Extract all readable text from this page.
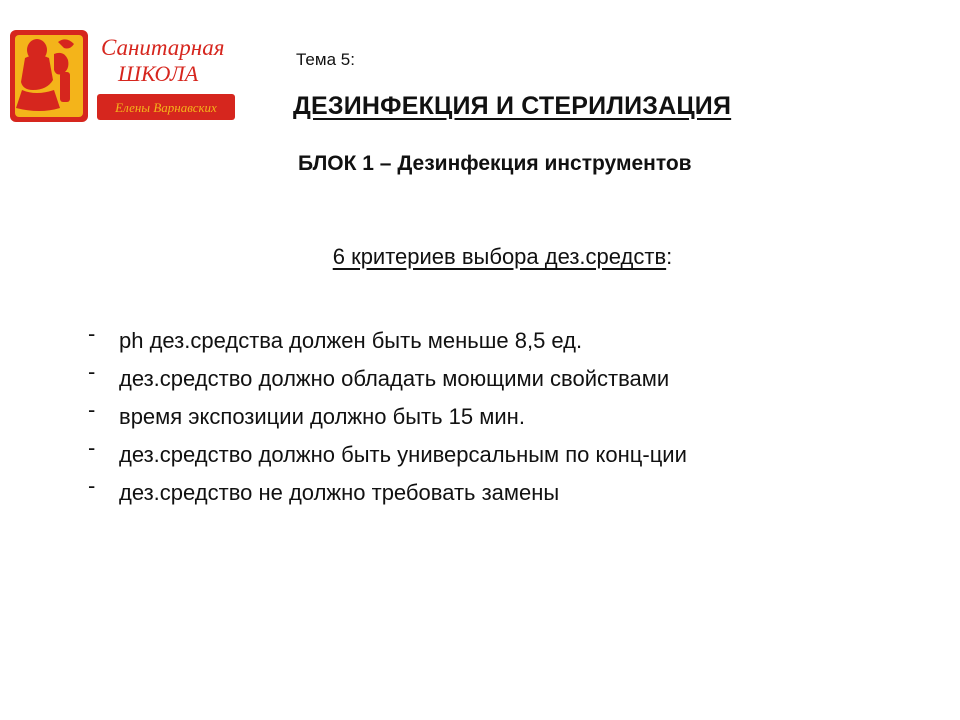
Санитарная
ШКОЛА
Елены Варнавских
Тема 5:
ДЕЗИНФЕКЦИЯ И СТЕРИЛИЗАЦИЯ
БЛОК 1 – Дезинфекция инструментов
6 критериев выбора дез.средств:
- ph дез.средства должен быть меньше 8,5 ед.
- дез.средство должно обладать моющими свойствами
- время экспозиции должно быть 15 мин.
- дез.средство должно быть универсальным по конц-ции
- дез.средство не должно требовать замены
